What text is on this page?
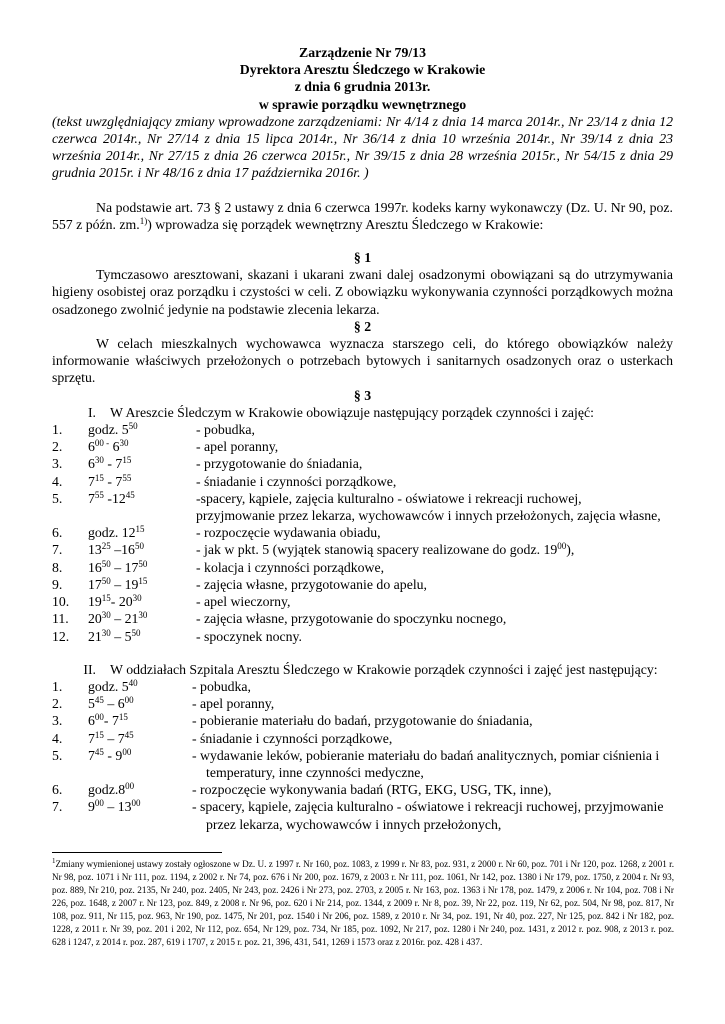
Zarządzenie Nr 79/13
Dyrektora Aresztu Śledczego w Krakowie
z dnia 6 grudnia 2013r.
w sprawie porządku wewnętrznego
(tekst uwzględniający zmiany wprowadzone zarządzeniami: Nr 4/14 z dnia 14 marca 2014r., Nr 23/14 z dnia 12 czerwca 2014r., Nr 27/14 z dnia 15 lipca 2014r., Nr 36/14 z dnia 10 września 2014r., Nr 39/14 z dnia 23 września 2014r., Nr 27/15 z dnia 26 czerwca 2015r., Nr 39/15 z dnia 28 września 2015r., Nr 54/15 z dnia 29 grudnia 2015r. i Nr 48/16 z dnia 17 października 2016r. )
Na podstawie art. 73 § 2 ustawy z dnia 6 czerwca 1997r. kodeks karny wykonawczy (Dz. U. Nr 90, poz. 557 z późn. zm.$^{1)}$) wprowadza się porządek wewnętrzny Aresztu Śledczego w Krakowie:
§ 1
Tymczasowo aresztowani, skazani i ukarani zwani dalej osadzonymi obowiązani są do utrzymywania higieny osobistej oraz porządku i czystości w celi. Z obowiązku wykonywania czynności porządkowych można osadzonego zwolnić jedynie na podstawie zlecenia lekarza.
§ 2
W celach mieszkalnych wychowawca wyznacza starszego celi, do którego obowiązków należy informowanie właściwych przełożonych o potrzebach bytowych i sanitarnych osadzonych oraz o usterkach sprzętu.
§ 3
I.	W Areszcie Śledczym w Krakowie obowiązuje następujący porządek czynności i zajęć:
1.	godz. $5^{50}$	- pobudka,
2.	$6^{00 -}$ $6^{30}$	- apel poranny,
3.	$6^{30} - 7^{15}$	- przygotowanie do śniadania,
4.	$7^{15} - 7^{55}$	- śniadanie i czynności porządkowe,
5.	$7^{55}$ $-12^{45}$	-spacery, kąpiele, zajęcia kulturalno - oświatowe i rekreacji ruchowej,
przyjmowanie przez lekarza, wychowawców i innych przełożonych, zajęcia własne,
6.	godz. $12^{15}$	- rozpoczęcie wydawania obiadu,
7.	$13^{25}$ $-16^{50}$	- jak w pkt. 5 (wyjątek stanowią spacery realizowane do godz. $19^{00}$),
8.	$16^{50} - 17^{50}$	- kolacja i czynności porządkowe,
9.	$17^{50} - 19^{15}$	- zajęcia własne, przygotowanie do apelu,
10.	$19^{15}-$ $20^{30}$	- apel wieczorny,
11.	$20^{30} - 21^{30}$	- zajęcia własne, przygotowanie do spoczynku nocnego,
12.	$21^{30} - 5^{50}$	- spoczynek nocny.
II.	W oddziałach Szpitala Aresztu Śledczego w Krakowie porządek czynności i zajęć jest następujący:
1.	godz. $5^{40}$	- pobudka,
2.	$5^{45} - 6^{00}$	- apel poranny,
3.	$6^{00}-$ $7^{15}$	- pobieranie materiału do badań, przygotowanie do śniadania,
4.	$7^{15} - 7^{45}$	- śniadanie i czynności porządkowe,
5.	$7^{45} - 9^{00}$	- wydawanie leków, pobieranie materiału do badań analitycznych, pomiar ciśnienia i
temperatury, inne czynności medyczne,
6.	$godz.8^{00}$	- rozpoczęcie wykonywania badań (RTG, EKG, USG, TK, inne),
7.	$9^{00} - 13^{00}$	- spacery, kąpiele, zajęcia kulturalno - oświatowe i rekreacji ruchowej, przyjmowanie
przez lekarza, wychowawców i innych przełożonych,
$^1$Zmiany wymienionej ustawy zostały ogłoszone w Dz. U. z 1997 r. Nr 160, poz. 1083, z 1999 r. Nr 83, poz. 931, z 2000 r. Nr 60, poz. 701 i Nr 120, poz. 1268, z 2001 r. Nr 98, poz. 1071 i Nr 111, poz. 1194, z 2002 r. Nr 74, poz. 676 i Nr 200, poz. 1679, z 2003 r. Nr 111, poz. 1061, Nr 142, poz. 1380 i Nr 179, poz. 1750, z 2004 r. Nr 93, poz. 889, Nr 210, poz. 2135, Nr 240, poz. 2405, Nr 243, poz. 2426 i Nr 273, poz. 2703, z 2005 r. Nr 163, poz. 1363 i Nr 178, poz. 1479, z 2006 r. Nr 104, poz. 708 i Nr 226, poz. 1648, z 2007 r. Nr 123, poz. 849, z 2008 r. Nr 96, poz. 620 i Nr 214, poz. 1344, z 2009 r. Nr 8, poz. 39, Nr 22, poz. 119, Nr 62, poz. 504, Nr 98, poz. 817, Nr 108, poz. 911, Nr 115, poz. 963, Nr 190, poz. 1475, Nr 201, poz. 1540 i Nr 206, poz. 1589, z 2010 r. Nr 34, poz. 191, Nr 40, poz. 227, Nr 125, poz. 842 i Nr 182, poz. 1228, z 2011 r. Nr 39, poz. 201 i 202, Nr 112, poz. 654, Nr 129, poz. 734, Nr 185, poz. 1092, Nr 217, poz. 1280 i Nr 240, poz. 1431, z 2012 r. poz. 908, z 2013 r. poz. 628 i 1247, z 2014 r. poz. 287, 619 i 1707, z 2015 r. poz. 21, 396, 431, 541, 1269 i 1573 oraz z 2016r. poz. 428 i 437.
